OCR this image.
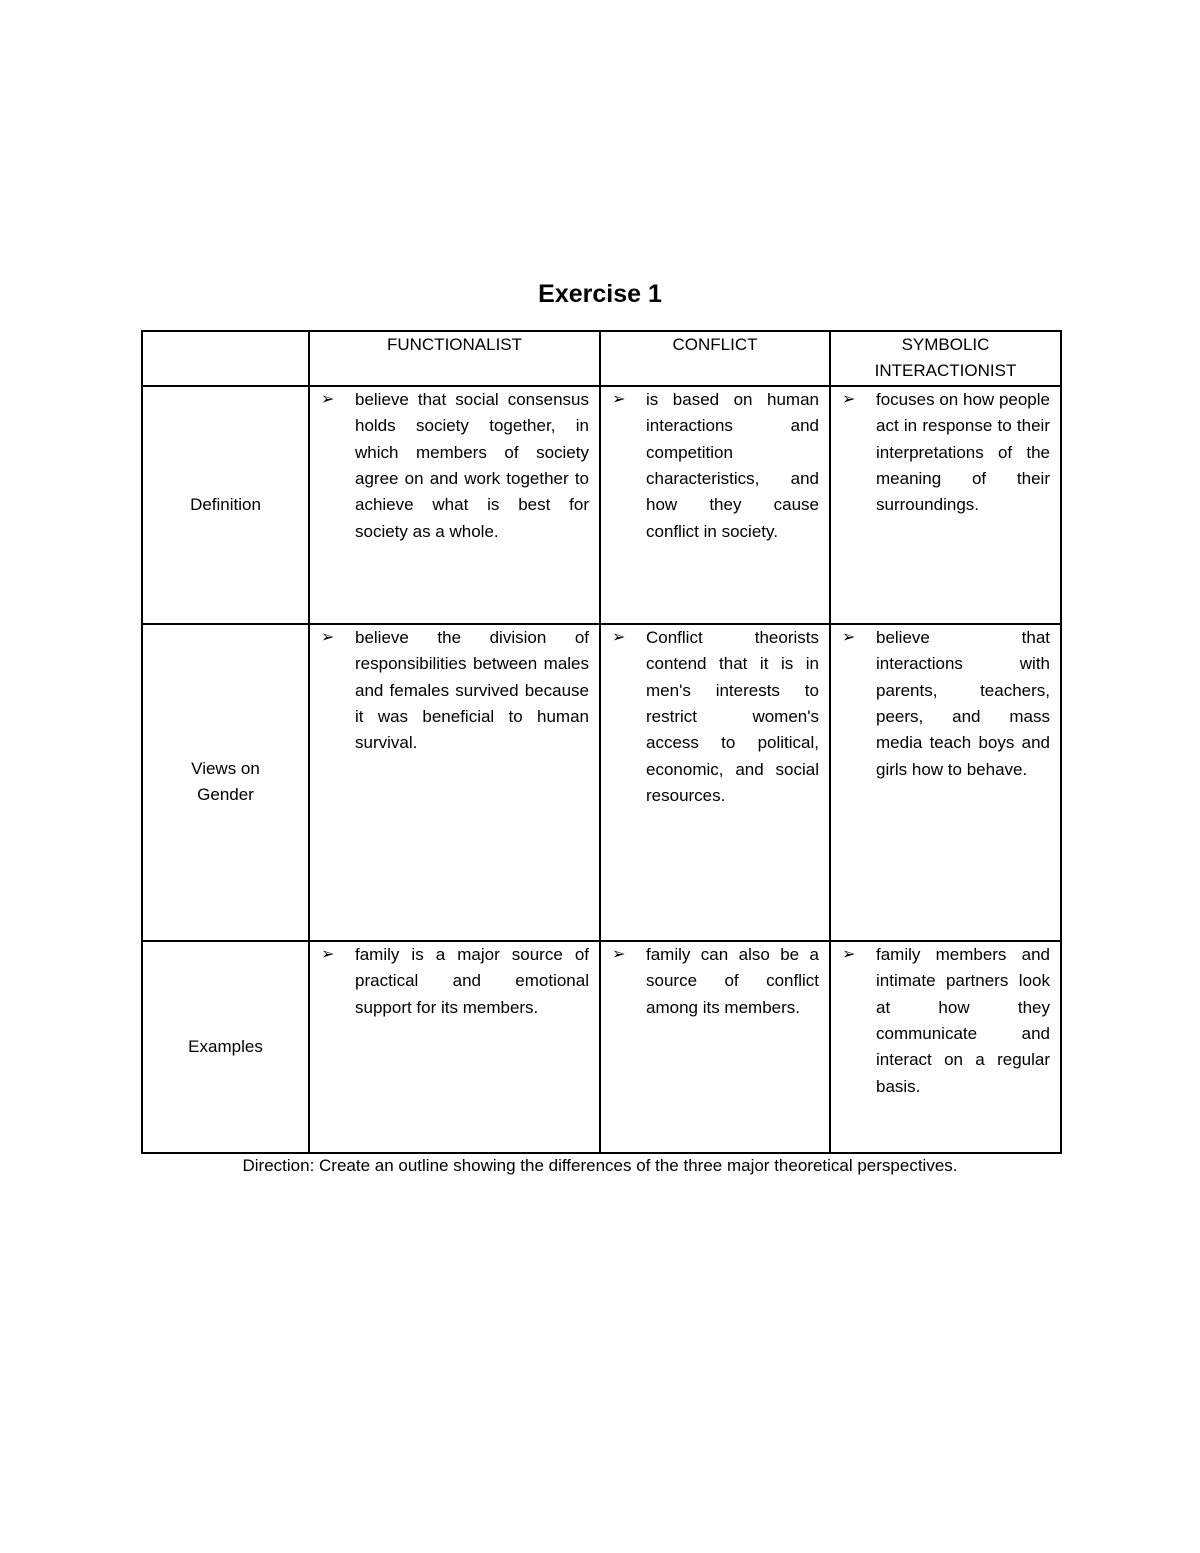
Exercise 1
	FUNCTIONALIST	CONFLICT	SYMBOLIC INTERACTIONIST
Definition	➢ believe that social consensus holds society together, in which members of society agree on and work together to achieve what is best for society as a whole.	➢ is based on human interactions and competition characteristics, and how they cause conflict in society.	➢ focuses on how people act in response to their interpretations of the meaning of their surroundings.

Views on Gender	➢ believe the division of responsibilities between males and females survived because it was beneficial to human survival.	➢ Conflict theorists contend that it is in men's interests to restrict women's access to political, economic, and social resources.	➢ believe that interactions with parents, teachers, peers, and mass media teach boys and girls how to behave.

Examples	➢ family is a major source of practical and emotional support for its members.	➢ family can also be a source of conflict among its members.	➢ family members and intimate partners look at how they communicate and interact on a regular basis.

Direction: Create an outline showing the differences of the three major theoretical perspectives.
